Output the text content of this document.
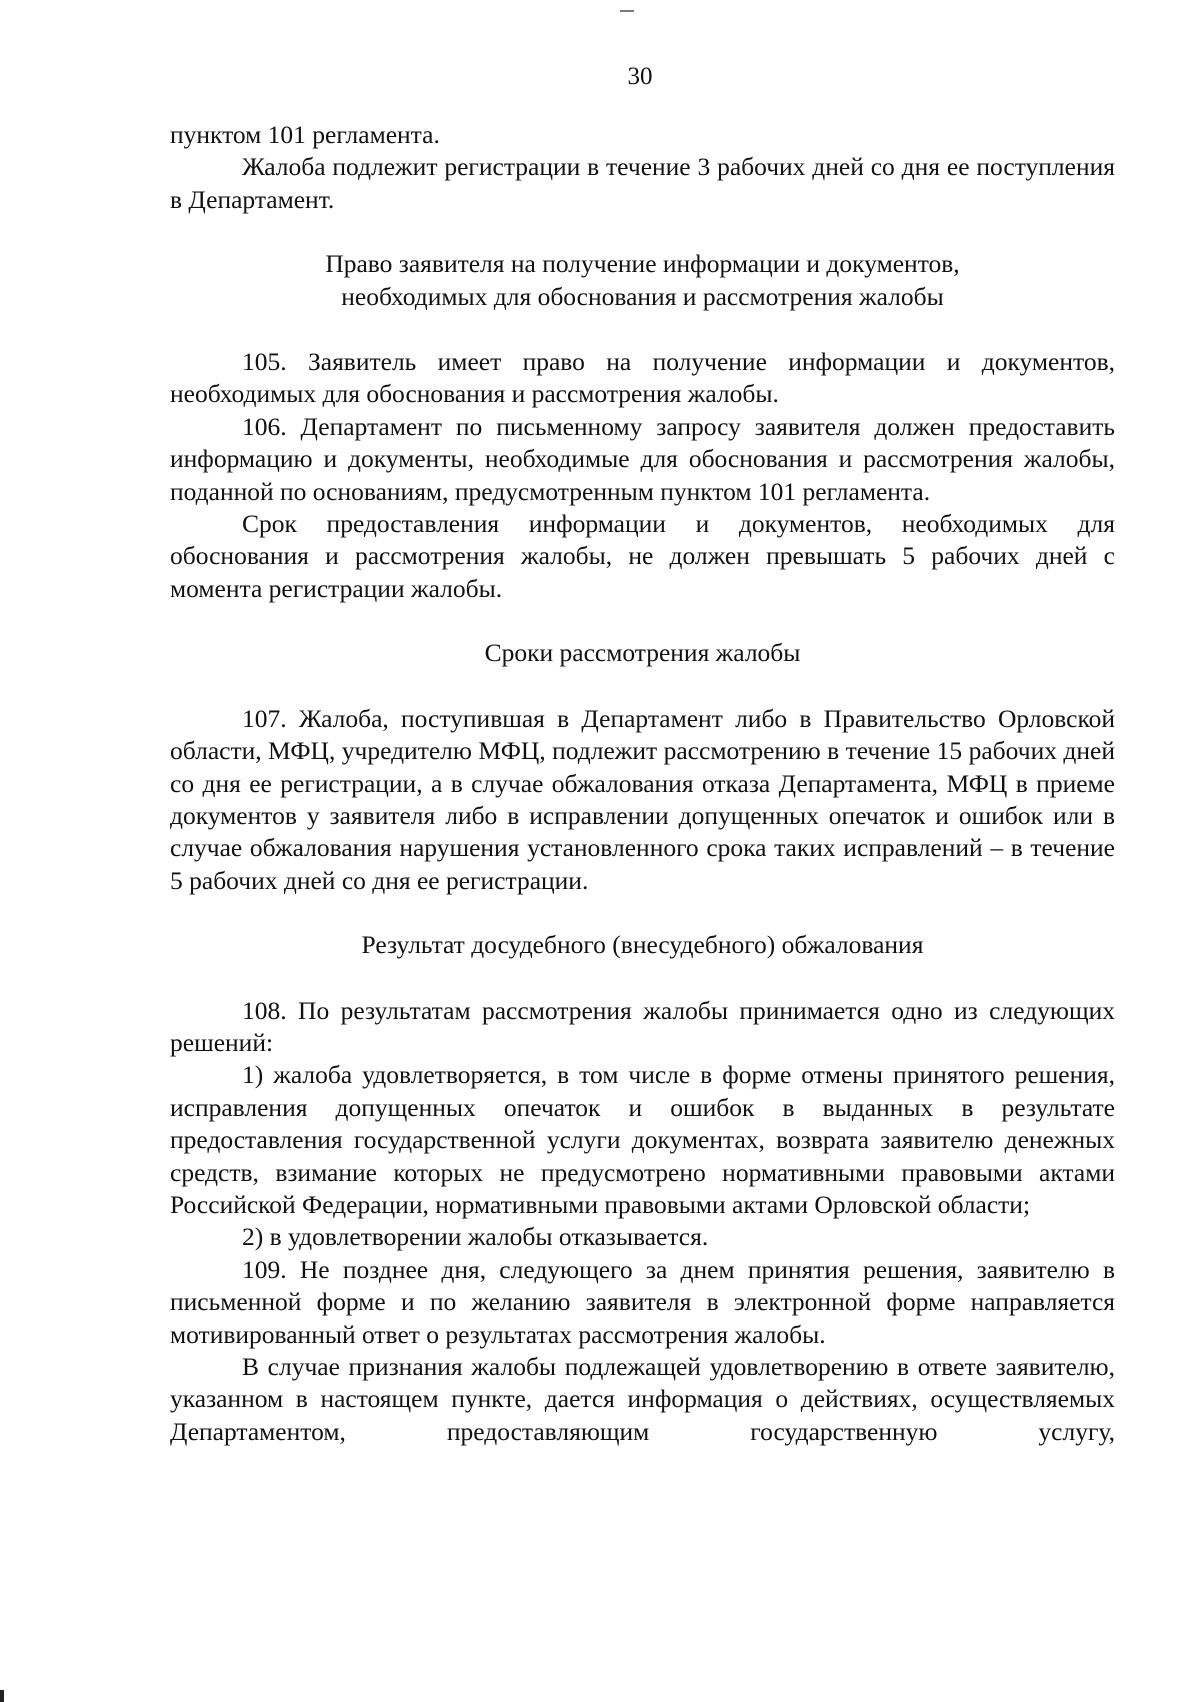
30

пунктом 101 регламента.

Жалоба подлежит регистрации в течение 3 рабочих дней со дня ее поступления в Департамент.

Право заявителя на получение информации и документов,
необходимых для обоснования и рассмотрения жалобы

105. Заявитель имеет право на получение информации и документов, необходимых для обоснования и рассмотрения жалобы.

106. Департамент по письменному запросу заявителя должен предоставить информацию и документы, необходимые для обоснования и рассмотрения жалобы, поданной по основаниям, предусмотренным пунктом 101 регламента.

Срок предоставления информации и документов, необходимых для обоснования и рассмотрения жалобы, не должен превышать 5 рабочих дней с момента регистрации жалобы.

Сроки рассмотрения жалобы

107. Жалоба, поступившая в Департамент либо в Правительство Орловской области, МФЦ, учредителю МФЦ, подлежит рассмотрению в течение 15 рабочих дней со дня ее регистрации, а в случае обжалования отказа Департамента, МФЦ в приеме документов у заявителя либо в исправлении допущенных опечаток и ошибок или в случае обжалования нарушения установленного срока таких исправлений – в течение 5 рабочих дней со дня ее регистрации.

Результат досудебного (внесудебного) обжалования

108. По результатам рассмотрения жалобы принимается одно из следующих решений:

1) жалоба удовлетворяется, в том числе в форме отмены принятого решения, исправления допущенных опечаток и ошибок в выданных в результате предоставления государственной услуги документах, возврата заявителю денежных средств, взимание которых не предусмотрено нормативными правовыми актами Российской Федерации, нормативными правовыми актами Орловской области;

2) в удовлетворении жалобы отказывается.

109. Не позднее дня, следующего за днем принятия решения, заявителю в письменной форме и по желанию заявителя в электронной форме направляется мотивированный ответ о результатах рассмотрения жалобы.

В случае признания жалобы подлежащей удовлетворению в ответе заявителю, указанном в настоящем пункте, дается информация о действиях, осуществляемых Департаментом, предоставляющим государственную услугу,
